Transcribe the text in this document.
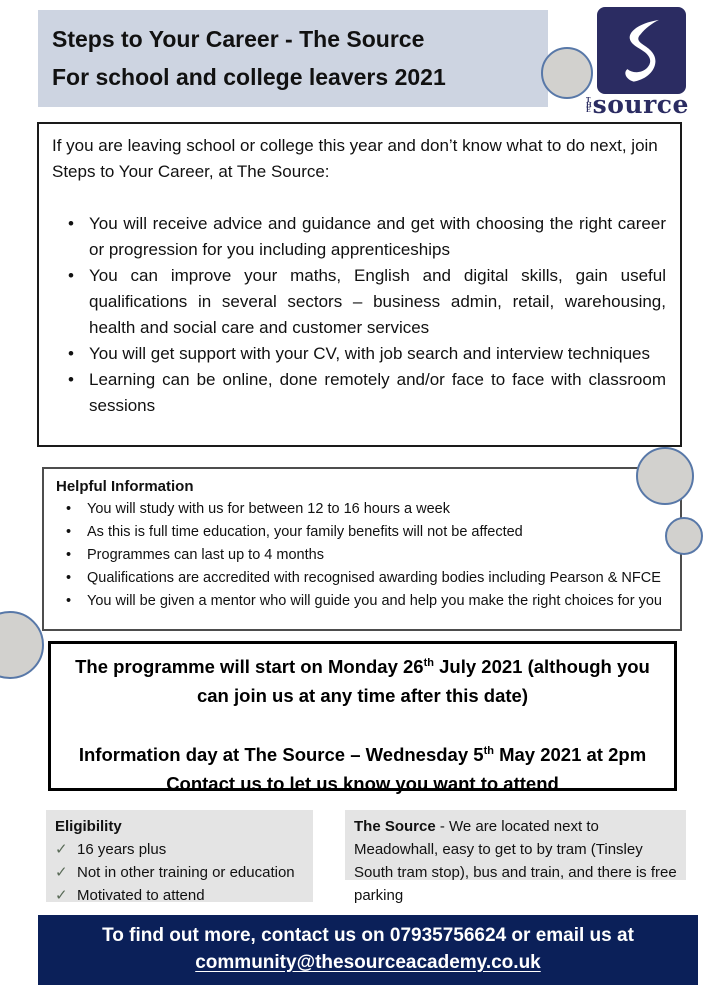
Steps to Your Career - The Source
For school and college leavers 2021
T
H
E source

If you are leaving school or college this year and don’t know what to do next, join Steps to Your Career, at The Source:

• You will receive advice and guidance and get with choosing the right career or progression for you including apprenticeships
• You can improve your maths, English and digital skills, gain useful qualifications in several sectors – business admin, retail, warehousing, health and social care and customer services
• You will get support with your CV, with job search and interview techniques
• Learning can be online, done remotely and/or face to face with classroom sessions
Helpful Information
• You will study with us for between 12 to 16 hours a week
• As this is full time education, your family benefits will not be affected
• Programmes can last up to 4 months
• Qualifications are accredited with recognised awarding bodies including Pearson & NFCE
• You will be given a mentor who will guide you and help you make the right choices for you
The programme will start on Monday 26th July 2021 (although you
can join us at any time after this date)
Information day at The Source – Wednesday 5th May 2021 at 2pm
Contact us to let us know you want to attend
Eligibility
✓ 16 years plus
✓ Not in other training or education
✓ Motivated to attend
The Source - We are located next to Meadowhall, easy to get to by tram (Tinsley South tram stop), bus and train, and there is free parking
To find out more, contact us on 07935756624 or email us at
community@thesourceacademy.co.uk
